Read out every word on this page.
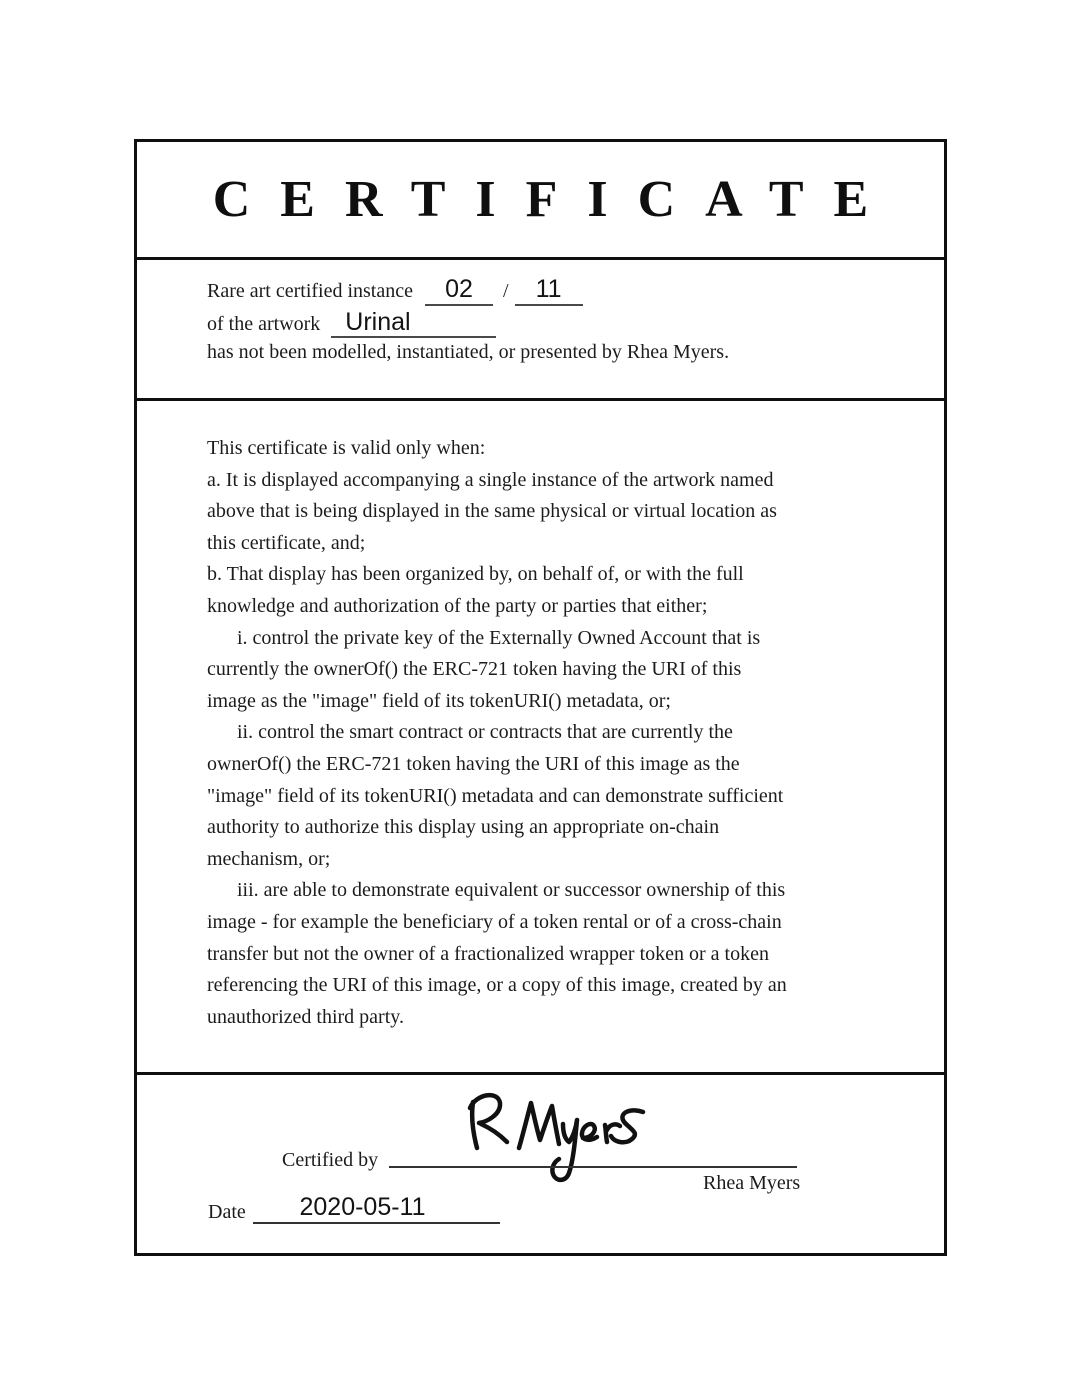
CERTIFICATE
Rare art certified instance	02	/	11
of the artwork	Urinal
has not been modelled, instantiated, or presented by Rhea Myers.
This certificate is valid only when:
a. It is displayed accompanying a single instance of the artwork named
above that is being displayed in the same physical or virtual location as
this certificate, and;
b. That display has been organized by, on behalf of, or with the full
knowledge and authorization of the party or parties that either;
i. control the private key of the Externally Owned Account that is
currently the ownerOf() the ERC-721 token having the URI of this
image as the "image" field of its tokenURI() metadata, or;
ii. control the smart contract or contracts that are currently the
ownerOf() the ERC-721 token having the URI of this image as the
"image" field of its tokenURI() metadata and can demonstrate sufficient
authority to authorize this display using an appropriate on-chain
mechanism, or;
iii. are able to demonstrate equivalent or successor ownership of this
image - for example the beneficiary of a token rental or of a cross-chain
transfer but not the owner of a fractionalized wrapper token or a token
referencing the URI of this image, or a copy of this image, created by an
unauthorized third party.
Certified by
Rhea Myers
Date	2020-05-11
